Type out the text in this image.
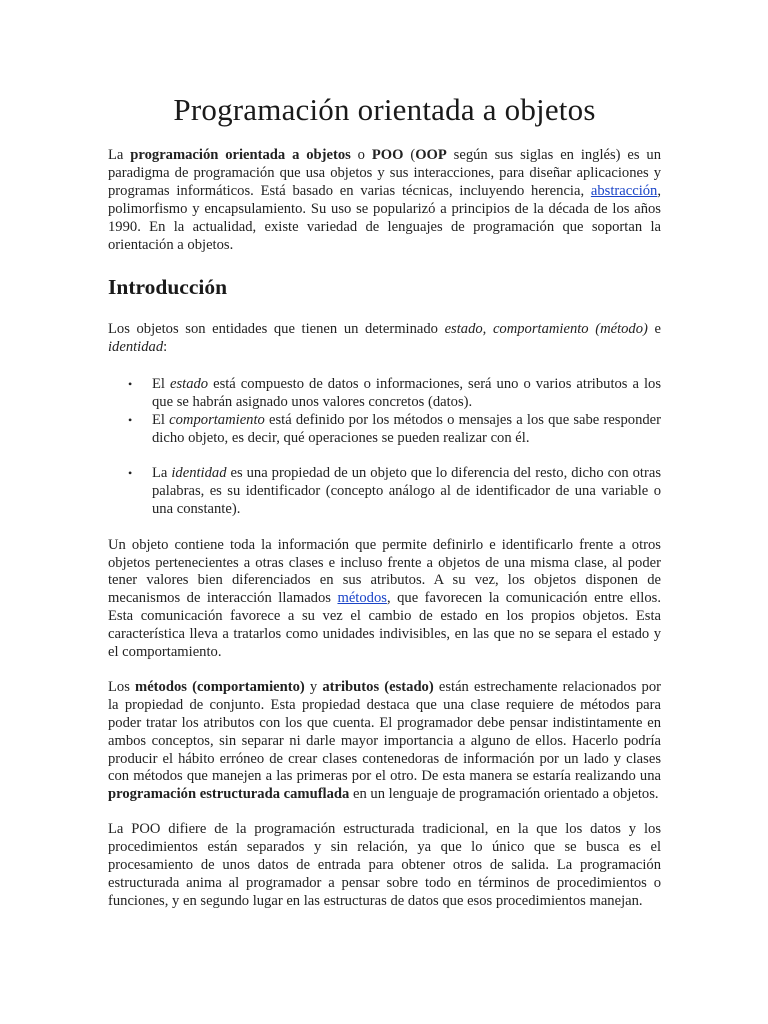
Programación orientada a objetos

La programación orientada a objetos o POO (OOP según sus siglas en inglés) es un paradigma de programación que usa objetos y sus interacciones, para diseñar aplicaciones y programas informáticos. Está basado en varias técnicas, incluyendo herencia, abstracción, polimorfismo y encapsulamiento. Su uso se popularizó a principios de la década de los años 1990. En la actualidad, existe variedad de lenguajes de programación que soportan la orientación a objetos.

Introducción

Los objetos son entidades que tienen un determinado estado, comportamiento (método) e identidad:

• El estado está compuesto de datos o informaciones, será uno o varios atributos a los que se habrán asignado unos valores concretos (datos).
• El comportamiento está definido por los métodos o mensajes a los que sabe responder dicho objeto, es decir, qué operaciones se pueden realizar con él.
• La identidad es una propiedad de un objeto que lo diferencia del resto, dicho con otras palabras, es su identificador (concepto análogo al de identificador de una variable o una constante).

Un objeto contiene toda la información que permite definirlo e identificarlo frente a otros objetos pertenecientes a otras clases e incluso frente a objetos de una misma clase, al poder tener valores bien diferenciados en sus atributos. A su vez, los objetos disponen de mecanismos de interacción llamados métodos, que favorecen la comunicación entre ellos. Esta comunicación favorece a su vez el cambio de estado en los propios objetos. Esta característica lleva a tratarlos como unidades indivisibles, en las que no se separa el estado y el comportamiento.

Los métodos (comportamiento) y atributos (estado) están estrechamente relacionados por la propiedad de conjunto. Esta propiedad destaca que una clase requiere de métodos para poder tratar los atributos con los que cuenta. El programador debe pensar indistintamente en ambos conceptos, sin separar ni darle mayor importancia a alguno de ellos. Hacerlo podría producir el hábito erróneo de crear clases contenedoras de información por un lado y clases con métodos que manejen a las primeras por el otro. De esta manera se estaría realizando una programación estructurada camuflada en un lenguaje de programación orientado a objetos.

La POO difiere de la programación estructurada tradicional, en la que los datos y los procedimientos están separados y sin relación, ya que lo único que se busca es el procesamiento de unos datos de entrada para obtener otros de salida. La programación estructurada anima al programador a pensar sobre todo en términos de procedimientos o funciones, y en segundo lugar en las estructuras de datos que esos procedimientos manejan.
